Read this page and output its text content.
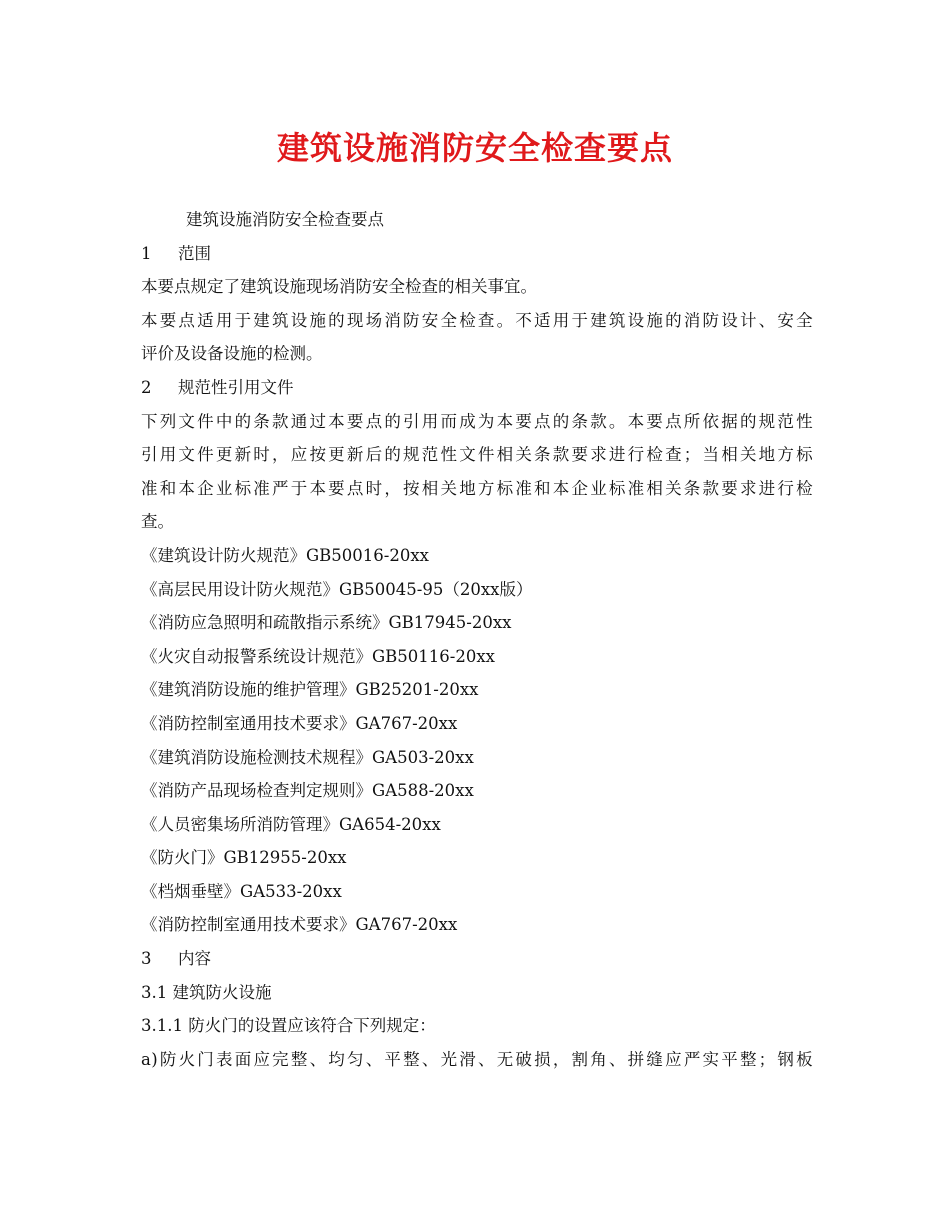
建筑设施消防安全检查要点
建筑设施消防安全检查要点
1 范围
本要点规定了建筑设施现场消防安全检查的相关事宜。
本要点适用于建筑设施的现场消防安全检查。不适用于建筑设施的消防设计、安全
评价及设备设施的检测。
2 规范性引用文件
下列文件中的条款通过本要点的引用而成为本要点的条款。本要点所依据的规范性
引用文件更新时，应按更新后的规范性文件相关条款要求进行检查；当相关地方标
准和本企业标准严于本要点时，按相关地方标准和本企业标准相关条款要求进行检
查。
《建筑设计防火规范》GB50016-20xx
《高层民用设计防火规范》GB50045-95（20xx版）
《消防应急照明和疏散指示系统》GB17945-20xx
《火灾自动报警系统设计规范》GB50116-20xx
《建筑消防设施的维护管理》GB25201-20xx
《消防控制室通用技术要求》GA767-20xx
《建筑消防设施检测技术规程》GA503-20xx
《消防产品现场检查判定规则》GA588-20xx
《人员密集场所消防管理》GA654-20xx
《防火门》GB12955-20xx
《档烟垂壁》GA533-20xx
《消防控制室通用技术要求》GA767-20xx
3 内容
3.1 建筑防火设施
3.1.1 防火门的设置应该符合下列规定：
a)防火门表面应完整、均匀、平整、光滑、无破损，割角、拼缝应严实平整；钢板
